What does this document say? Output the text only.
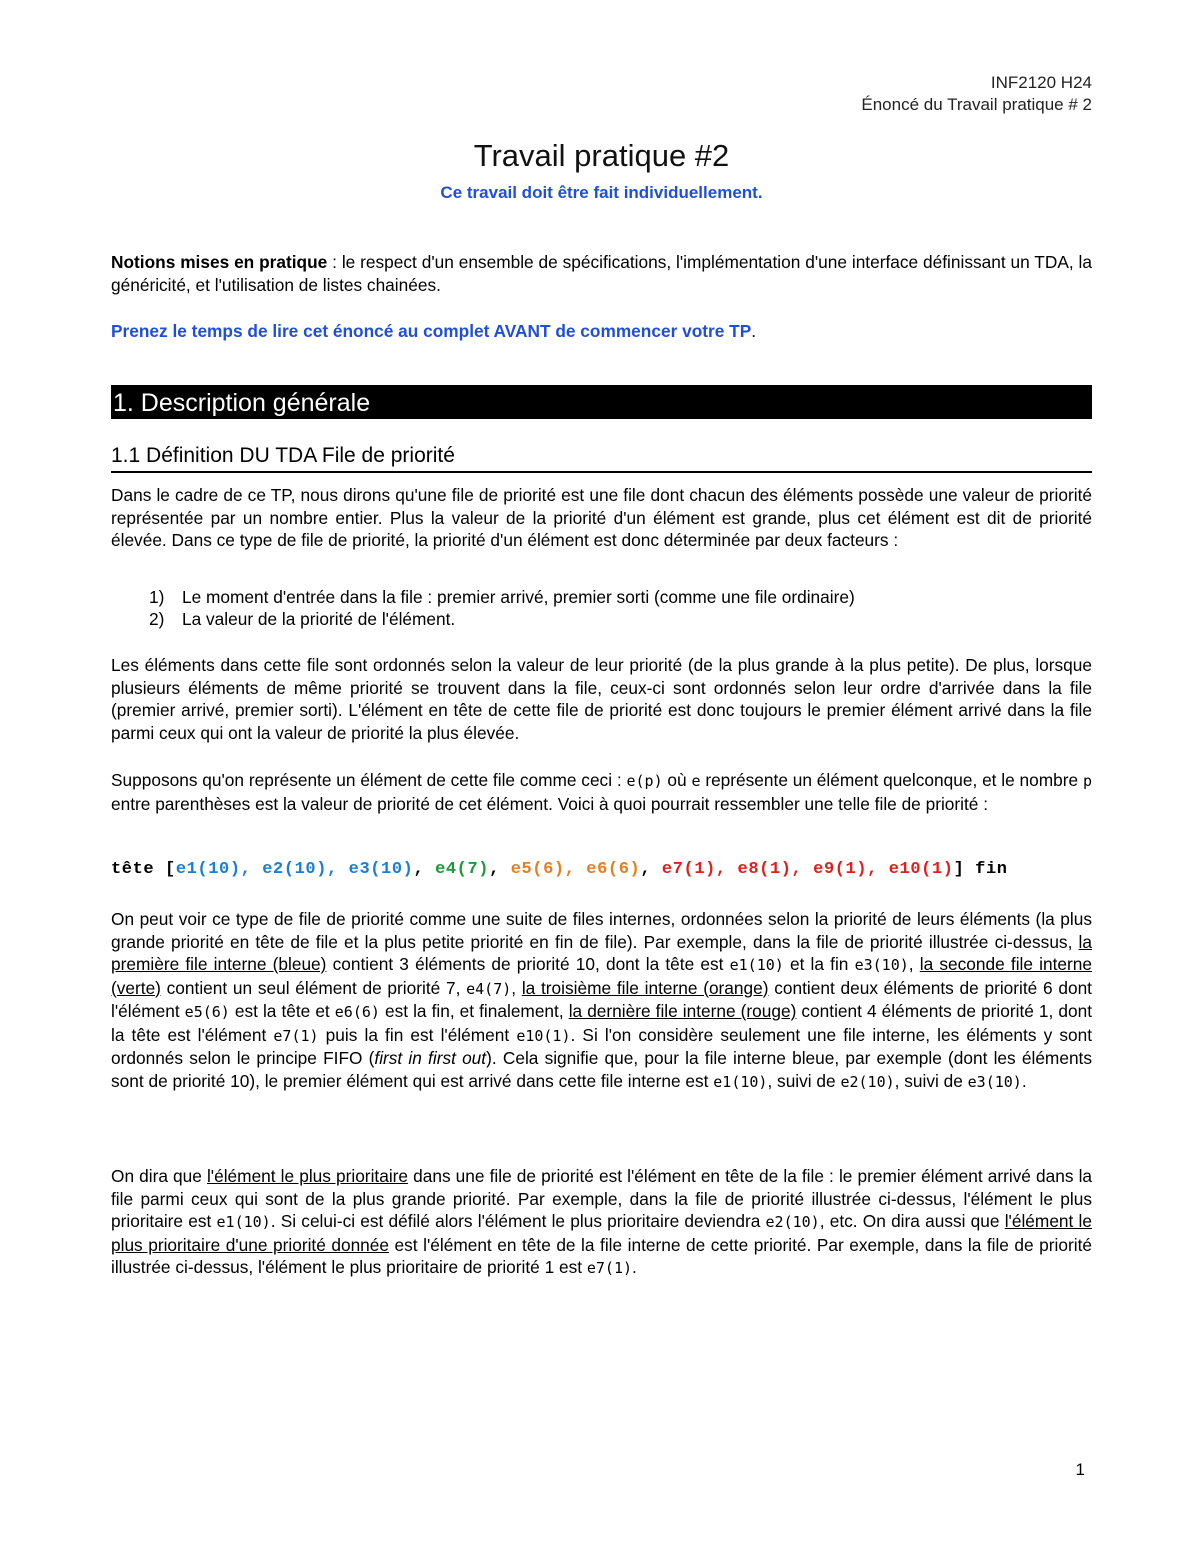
INF2120 H24
Énoncé du Travail pratique # 2
Travail pratique #2
Ce travail doit être fait individuellement.

Notions mises en pratique : le respect d'un ensemble de spécifications, l'implémentation d'une interface définissant un TDA, la généricité, et l'utilisation de listes chainées.

Prenez le temps de lire cet énoncé au complet AVANT de commencer votre TP.

1. Description générale
1.1 Définition DU TDA File de priorité

Dans le cadre de ce TP, nous dirons qu'une file de priorité est une file dont chacun des éléments possède une valeur de priorité représentée par un nombre entier. Plus la valeur de la priorité d'un élément est grande, plus cet élément est dit de priorité élevée. Dans ce type de file de priorité, la priorité d'un élément est donc déterminée par deux facteurs :

1) Le moment d'entrée dans la file : premier arrivé, premier sorti (comme une file ordinaire)
2) La valeur de la priorité de l'élément.

Les éléments dans cette file sont ordonnés selon la valeur de leur priorité (de la plus grande à la plus petite). De plus, lorsque plusieurs éléments de même priorité se trouvent dans la file, ceux-ci sont ordonnés selon leur ordre d'arrivée dans la file (premier arrivé, premier sorti). L'élément en tête de cette file de priorité est donc toujours le premier élément arrivé dans la file parmi ceux qui ont la valeur de priorité la plus élevée.

Supposons qu'on représente un élément de cette file comme ceci : e(p) où e représente un élément quelconque, et le nombre p entre parenthèses est la valeur de priorité de cet élément. Voici à quoi pourrait ressembler une telle file de priorité :

tête [e1(10), e2(10), e3(10), e4(7), e5(6), e6(6), e7(1), e8(1), e9(1), e10(1)] fin

On peut voir ce type de file de priorité comme une suite de files internes, ordonnées selon la priorité de leurs éléments (la plus grande priorité en tête de file et la plus petite priorité en fin de file). Par exemple, dans la file de priorité illustrée ci-dessus, la première file interne (bleue) contient 3 éléments de priorité 10, dont la tête est e1(10) et la fin e3(10), la seconde file interne (verte) contient un seul élément de priorité 7, e4(7), la troisième file interne (orange) contient deux éléments de priorité 6 dont l'élément e5(6) est la tête et e6(6) est la fin, et finalement, la dernière file interne (rouge) contient 4 éléments de priorité 1, dont la tête est l'élément e7(1) puis la fin est l'élément e10(1). Si l'on considère seulement une file interne, les éléments y sont ordonnés selon le principe FIFO (first in first out). Cela signifie que, pour la file interne bleue, par exemple (dont les éléments sont de priorité 10), le premier élément qui est arrivé dans cette file interne est e1(10), suivi de e2(10), suivi de e3(10).

On dira que l'élément le plus prioritaire dans une file de priorité est l'élément en tête de la file : le premier élément arrivé dans la file parmi ceux qui sont de la plus grande priorité. Par exemple, dans la file de priorité illustrée ci-dessus, l'élément le plus prioritaire est e1(10). Si celui-ci est défilé alors l'élément le plus prioritaire deviendra e2(10), etc. On dira aussi que l'élément le plus prioritaire d'une priorité donnée est l'élément en tête de la file interne de cette priorité. Par exemple, dans la file de priorité illustrée ci-dessus, l'élément le plus prioritaire de priorité 1 est e7(1).

1
